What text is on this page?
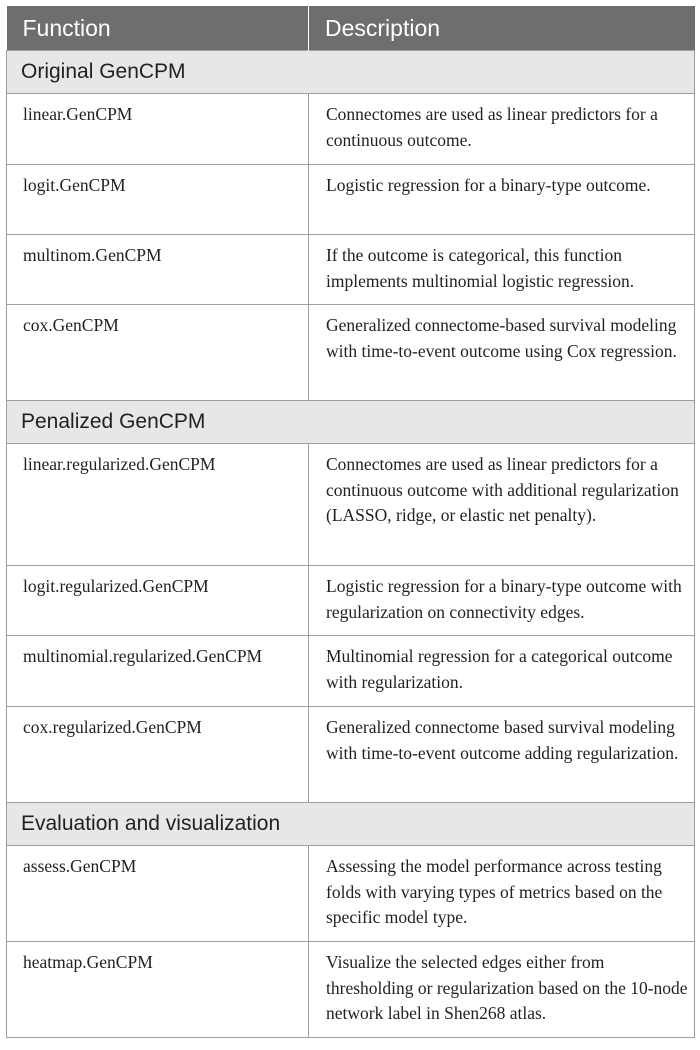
Function	Description
Original GenCPM	
linear.GenCPM	Connectomes are used as linear predictors for a continuous outcome.
logit.GenCPM	Logistic regression for a binary-type outcome.
multinom.GenCPM	If the outcome is categorical, this function implements multinomial logistic regression.
cox.GenCPM	Generalized connectome-based survival modeling with time-to-event outcome using Cox regression.
Penalized GenCPM	
linear.regularized.GenCPM	Connectomes are used as linear predictors for a continuous outcome with additional regularization (LASSO, ridge, or elastic net penalty).
logit.regularized.GenCPM	Logistic regression for a binary-type outcome with regularization on connectivity edges.
multinomial.regularized.GenCPM	Multinomial regression for a categorical outcome with regularization.
cox.regularized.GenCPM	Generalized connectome based survival modeling with time-to-event outcome adding regularization.
Evaluation and visualization	
assess.GenCPM	Assessing the model performance across testing folds with varying types of metrics based on the specific model type.
heatmap.GenCPM	Visualize the selected edges either from thresholding or regularization based on the 10-node network label in Shen268 atlas.
